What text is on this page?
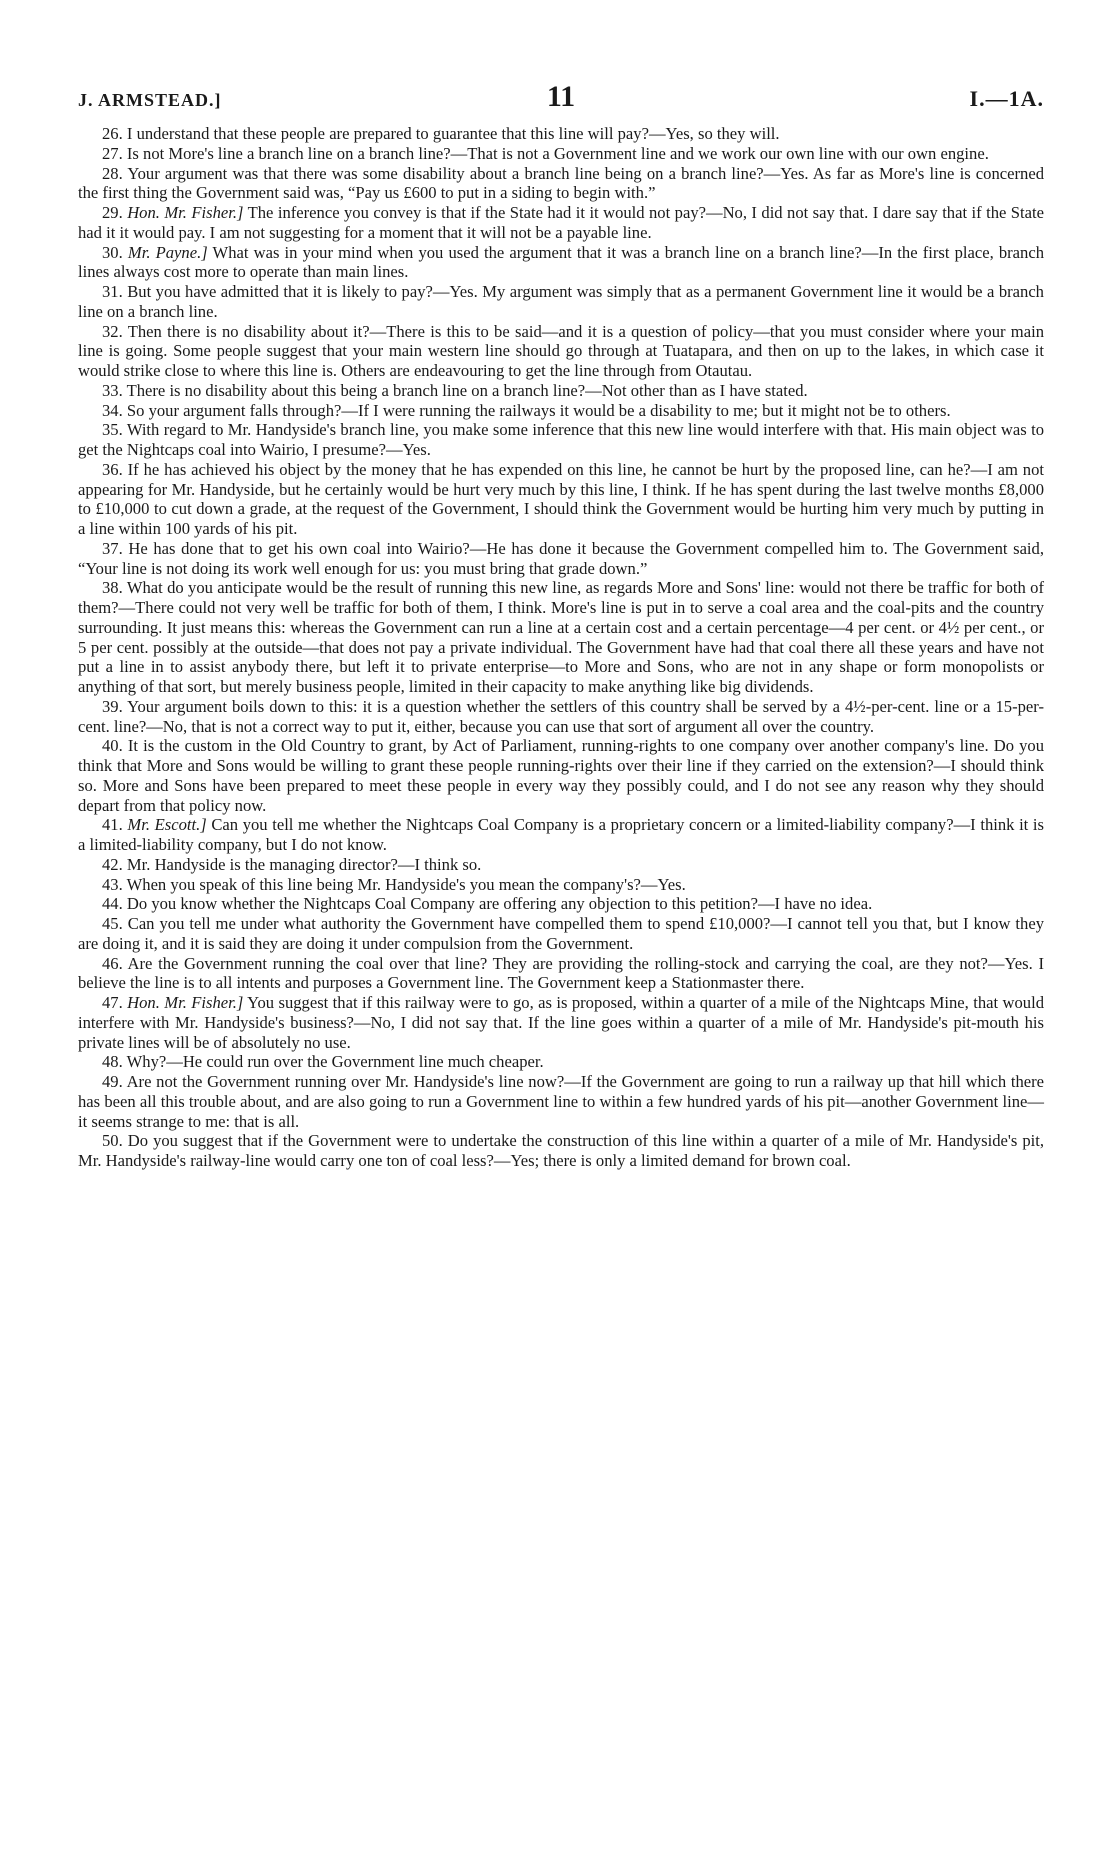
J. ARMSTEAD.]	11	I.—1A.

26. I understand that these people are prepared to guarantee that this line will pay?—Yes, so they will.

27. Is not More's line a branch line on a branch line?—That is not a Government line and we work our own line with our own engine.

28. Your argument was that there was some disability about a branch line being on a branch line?—Yes. As far as More's line is concerned the first thing the Government said was, “Pay us £600 to put in a siding to begin with.”

29. Hon. Mr. Fisher.] The inference you convey is that if the State had it it would not pay?—No, I did not say that. I dare say that if the State had it it would pay. I am not suggesting for a moment that it will not be a payable line.

30. Mr. Payne.] What was in your mind when you used the argument that it was a branch line on a branch line?—In the first place, branch lines always cost more to operate than main lines.

31. But you have admitted that it is likely to pay?—Yes. My argument was simply that as a permanent Government line it would be a branch line on a branch line.

32. Then there is no disability about it?—There is this to be said—and it is a question of policy—that you must consider where your main line is going. Some people suggest that your main western line should go through at Tuatapara, and then on up to the lakes, in which case it would strike close to where this line is. Others are endeavouring to get the line through from Otautau.

33. There is no disability about this being a branch line on a branch line?—Not other than as I have stated.

34. So your argument falls through?—If I were running the railways it would be a disability to me; but it might not be to others.

35. With regard to Mr. Handyside's branch line, you make some inference that this new line would interfere with that. His main object was to get the Nightcaps coal into Wairio, I presume?—Yes.

36. If he has achieved his object by the money that he has expended on this line, he cannot be hurt by the proposed line, can he?—I am not appearing for Mr. Handyside, but he certainly would be hurt very much by this line, I think. If he has spent during the last twelve months £8,000 to £10,000 to cut down a grade, at the request of the Government, I should think the Government would be hurting him very much by putting in a line within 100 yards of his pit.

37. He has done that to get his own coal into Wairio?—He has done it because the Government compelled him to. The Government said, “Your line is not doing its work well enough for us: you must bring that grade down.”

38. What do you anticipate would be the result of running this new line, as regards More and Sons' line: would not there be traffic for both of them?—There could not very well be traffic for both of them, I think. More's line is put in to serve a coal area and the coal-pits and the country surrounding. It just means this: whereas the Government can run a line at a certain cost and a certain percentage—4 per cent. or 4½ per cent., or 5 per cent. possibly at the outside—that does not pay a private individual. The Government have had that coal there all these years and have not put a line in to assist anybody there, but left it to private enterprise—to More and Sons, who are not in any shape or form monopolists or anything of that sort, but merely business people, limited in their capacity to make anything like big dividends.

39. Your argument boils down to this: it is a question whether the settlers of this country shall be served by a 4½-per-cent. line or a 15-per-cent. line?—No, that is not a correct way to put it, either, because you can use that sort of argument all over the country.

40. It is the custom in the Old Country to grant, by Act of Parliament, running-rights to one company over another company's line. Do you think that More and Sons would be willing to grant these people running-rights over their line if they carried on the extension?—I should think so. More and Sons have been prepared to meet these people in every way they possibly could, and I do not see any reason why they should depart from that policy now.

41. Mr. Escott.] Can you tell me whether the Nightcaps Coal Company is a proprietary concern or a limited-liability company?—I think it is a limited-liability company, but I do not know.

42. Mr. Handyside is the managing director?—I think so.

43. When you speak of this line being Mr. Handyside's you mean the company's?—Yes.

44. Do you know whether the Nightcaps Coal Company are offering any objection to this petition?—I have no idea.

45. Can you tell me under what authority the Government have compelled them to spend £10,000?—I cannot tell you that, but I know they are doing it, and it is said they are doing it under compulsion from the Government.

46. Are the Government running the coal over that line? They are providing the rolling-stock and carrying the coal, are they not?—Yes. I believe the line is to all intents and purposes a Government line. The Government keep a Stationmaster there.

47. Hon. Mr. Fisher.] You suggest that if this railway were to go, as is proposed, within a quarter of a mile of the Nightcaps Mine, that would interfere with Mr. Handyside's business?—No, I did not say that. If the line goes within a quarter of a mile of Mr. Handyside's pit-mouth his private lines will be of absolutely no use.

48. Why?—He could run over the Government line much cheaper.

49. Are not the Government running over Mr. Handyside's line now?—If the Government are going to run a railway up that hill which there has been all this trouble about, and are also going to run a Government line to within a few hundred yards of his pit—another Government line—it seems strange to me: that is all.

50. Do you suggest that if the Government were to undertake the construction of this line within a quarter of a mile of Mr. Handyside's pit, Mr. Handyside's railway-line would carry one ton of coal less?—Yes; there is only a limited demand for brown coal.
